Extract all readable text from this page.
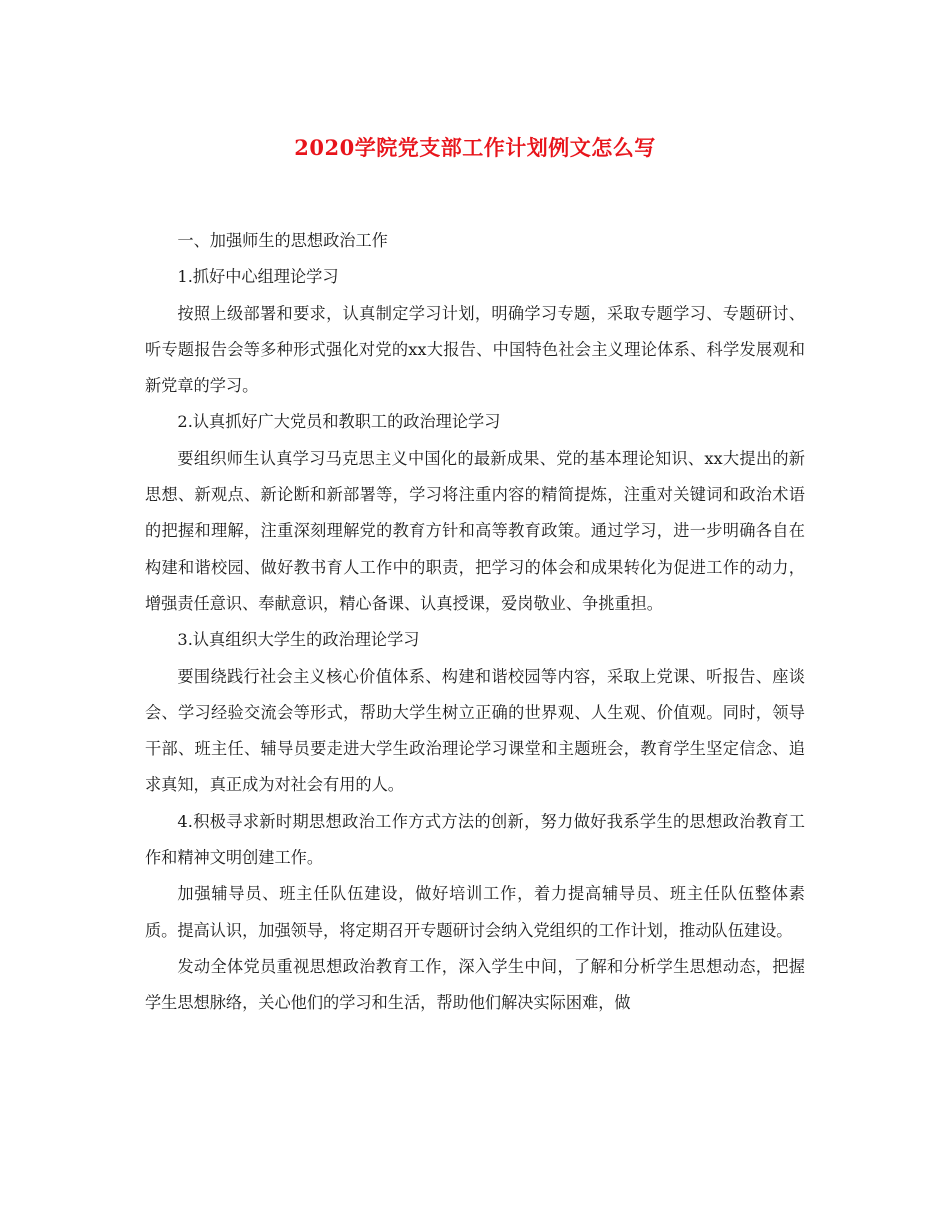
2020学院党支部工作计划例文怎么写

一、加强师生的思想政治工作

1.抓好中心组理论学习

按照上级部署和要求，认真制定学习计划，明确学习专题，采取专题学习、专题研讨、听专题报告会等多种形式强化对党的xx大报告、中国特色社会主义理论体系、科学发展观和新党章的学习。

2.认真抓好广大党员和教职工的政治理论学习

要组织师生认真学习马克思主义中国化的最新成果、党的基本理论知识、xx大提出的新思想、新观点、新论断和新部署等，学习将注重内容的精简提炼，注重对关键词和政治术语的把握和理解，注重深刻理解党的教育方针和高等教育政策。通过学习，进一步明确各自在构建和谐校园、做好教书育人工作中的职责，把学习的体会和成果转化为促进工作的动力，增强责任意识、奉献意识，精心备课、认真授课，爱岗敬业、争挑重担。

3.认真组织大学生的政治理论学习

要围绕践行社会主义核心价值体系、构建和谐校园等内容，采取上党课、听报告、座谈会、学习经验交流会等形式，帮助大学生树立正确的世界观、人生观、价值观。同时，领导干部、班主任、辅导员要走进大学生政治理论学习课堂和主题班会，教育学生坚定信念、追求真知，真正成为对社会有用的人。

4.积极寻求新时期思想政治工作方式方法的创新，努力做好我系学生的思想政治教育工作和精神文明创建工作。

加强辅导员、班主任队伍建设，做好培训工作，着力提高辅导员、班主任队伍整体素质。提高认识，加强领导，将定期召开专题研讨会纳入党组织的工作计划，推动队伍建设。

发动全体党员重视思想政治教育工作，深入学生中间，了解和分析学生思想动态，把握学生思想脉络，关心他们的学习和生活，帮助他们解决实际困难，做
